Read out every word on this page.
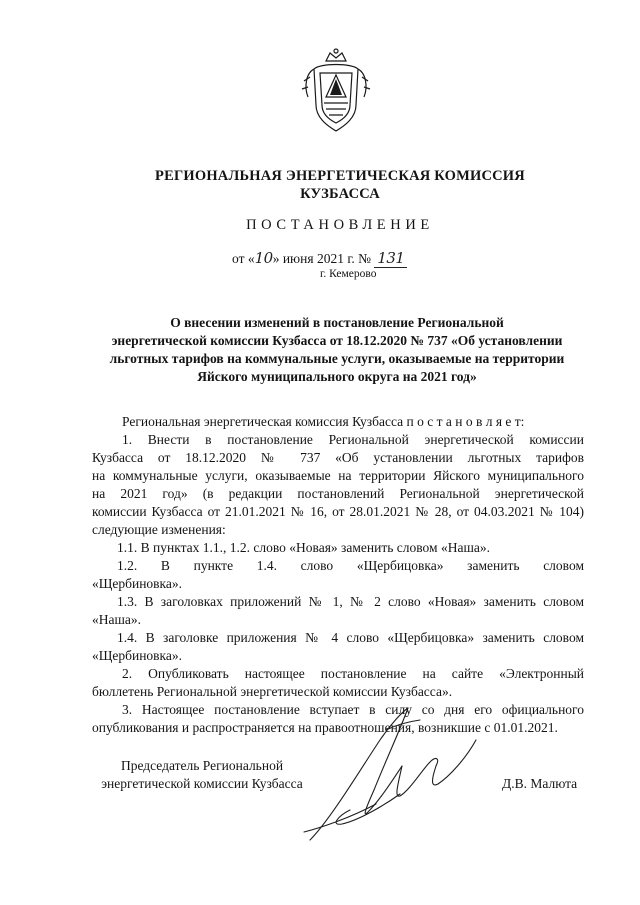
РЕГИОНАЛЬНАЯ ЭНЕРГЕТИЧЕСКАЯ КОМИССИЯ
КУЗБАССА
ПОСТАНОВЛЕНИЕ
от «10» июня 2021 г. № 131
г. Кемерово
О внесении изменений в постановление Региональной
энергетической комиссии Кузбасса от 18.12.2020 № 737 «Об установлении
льготных тарифов на коммунальные услуги, оказываемые на территории
Яйского муниципального округа на 2021 год»
Региональная энергетическая комиссия Кузбасса п о с т а н о в л я е т:
1. Внести в постановление Региональной энергетической комиссии
Кузбасса от 18.12.2020 № 737 «Об установлении льготных тарифов
на коммунальные услуги, оказываемые на территории Яйского муниципального
на 2021 год» (в редакции постановлений Региональной энергетической
комиссии Кузбасса от 21.01.2021 № 16, от 28.01.2021 № 28, от 04.03.2021 № 104)
следующие изменения:
1.1. В пунктах 1.1., 1.2. слово «Новая» заменить словом «Наша».
1.2. В пункте 1.4. слово «Щербицовка» заменить словом
«Щербиновка».
1.3. В заголовках приложений № 1, № 2 слово «Новая» заменить словом
«Наша».
1.4. В заголовке приложения № 4 слово «Щербицовка» заменить словом
«Щербиновка».
2. Опубликовать настоящее постановление на сайте «Электронный
бюллетень Региональной энергетической комиссии Кузбасса».
3. Настоящее постановление вступает в силу со дня его официального
опубликования и распространяется на правоотношения, возникшие с 01.01.2021.
Председатель Региональной
энергетической комиссии Кузбасса	Д.В. Малюта
